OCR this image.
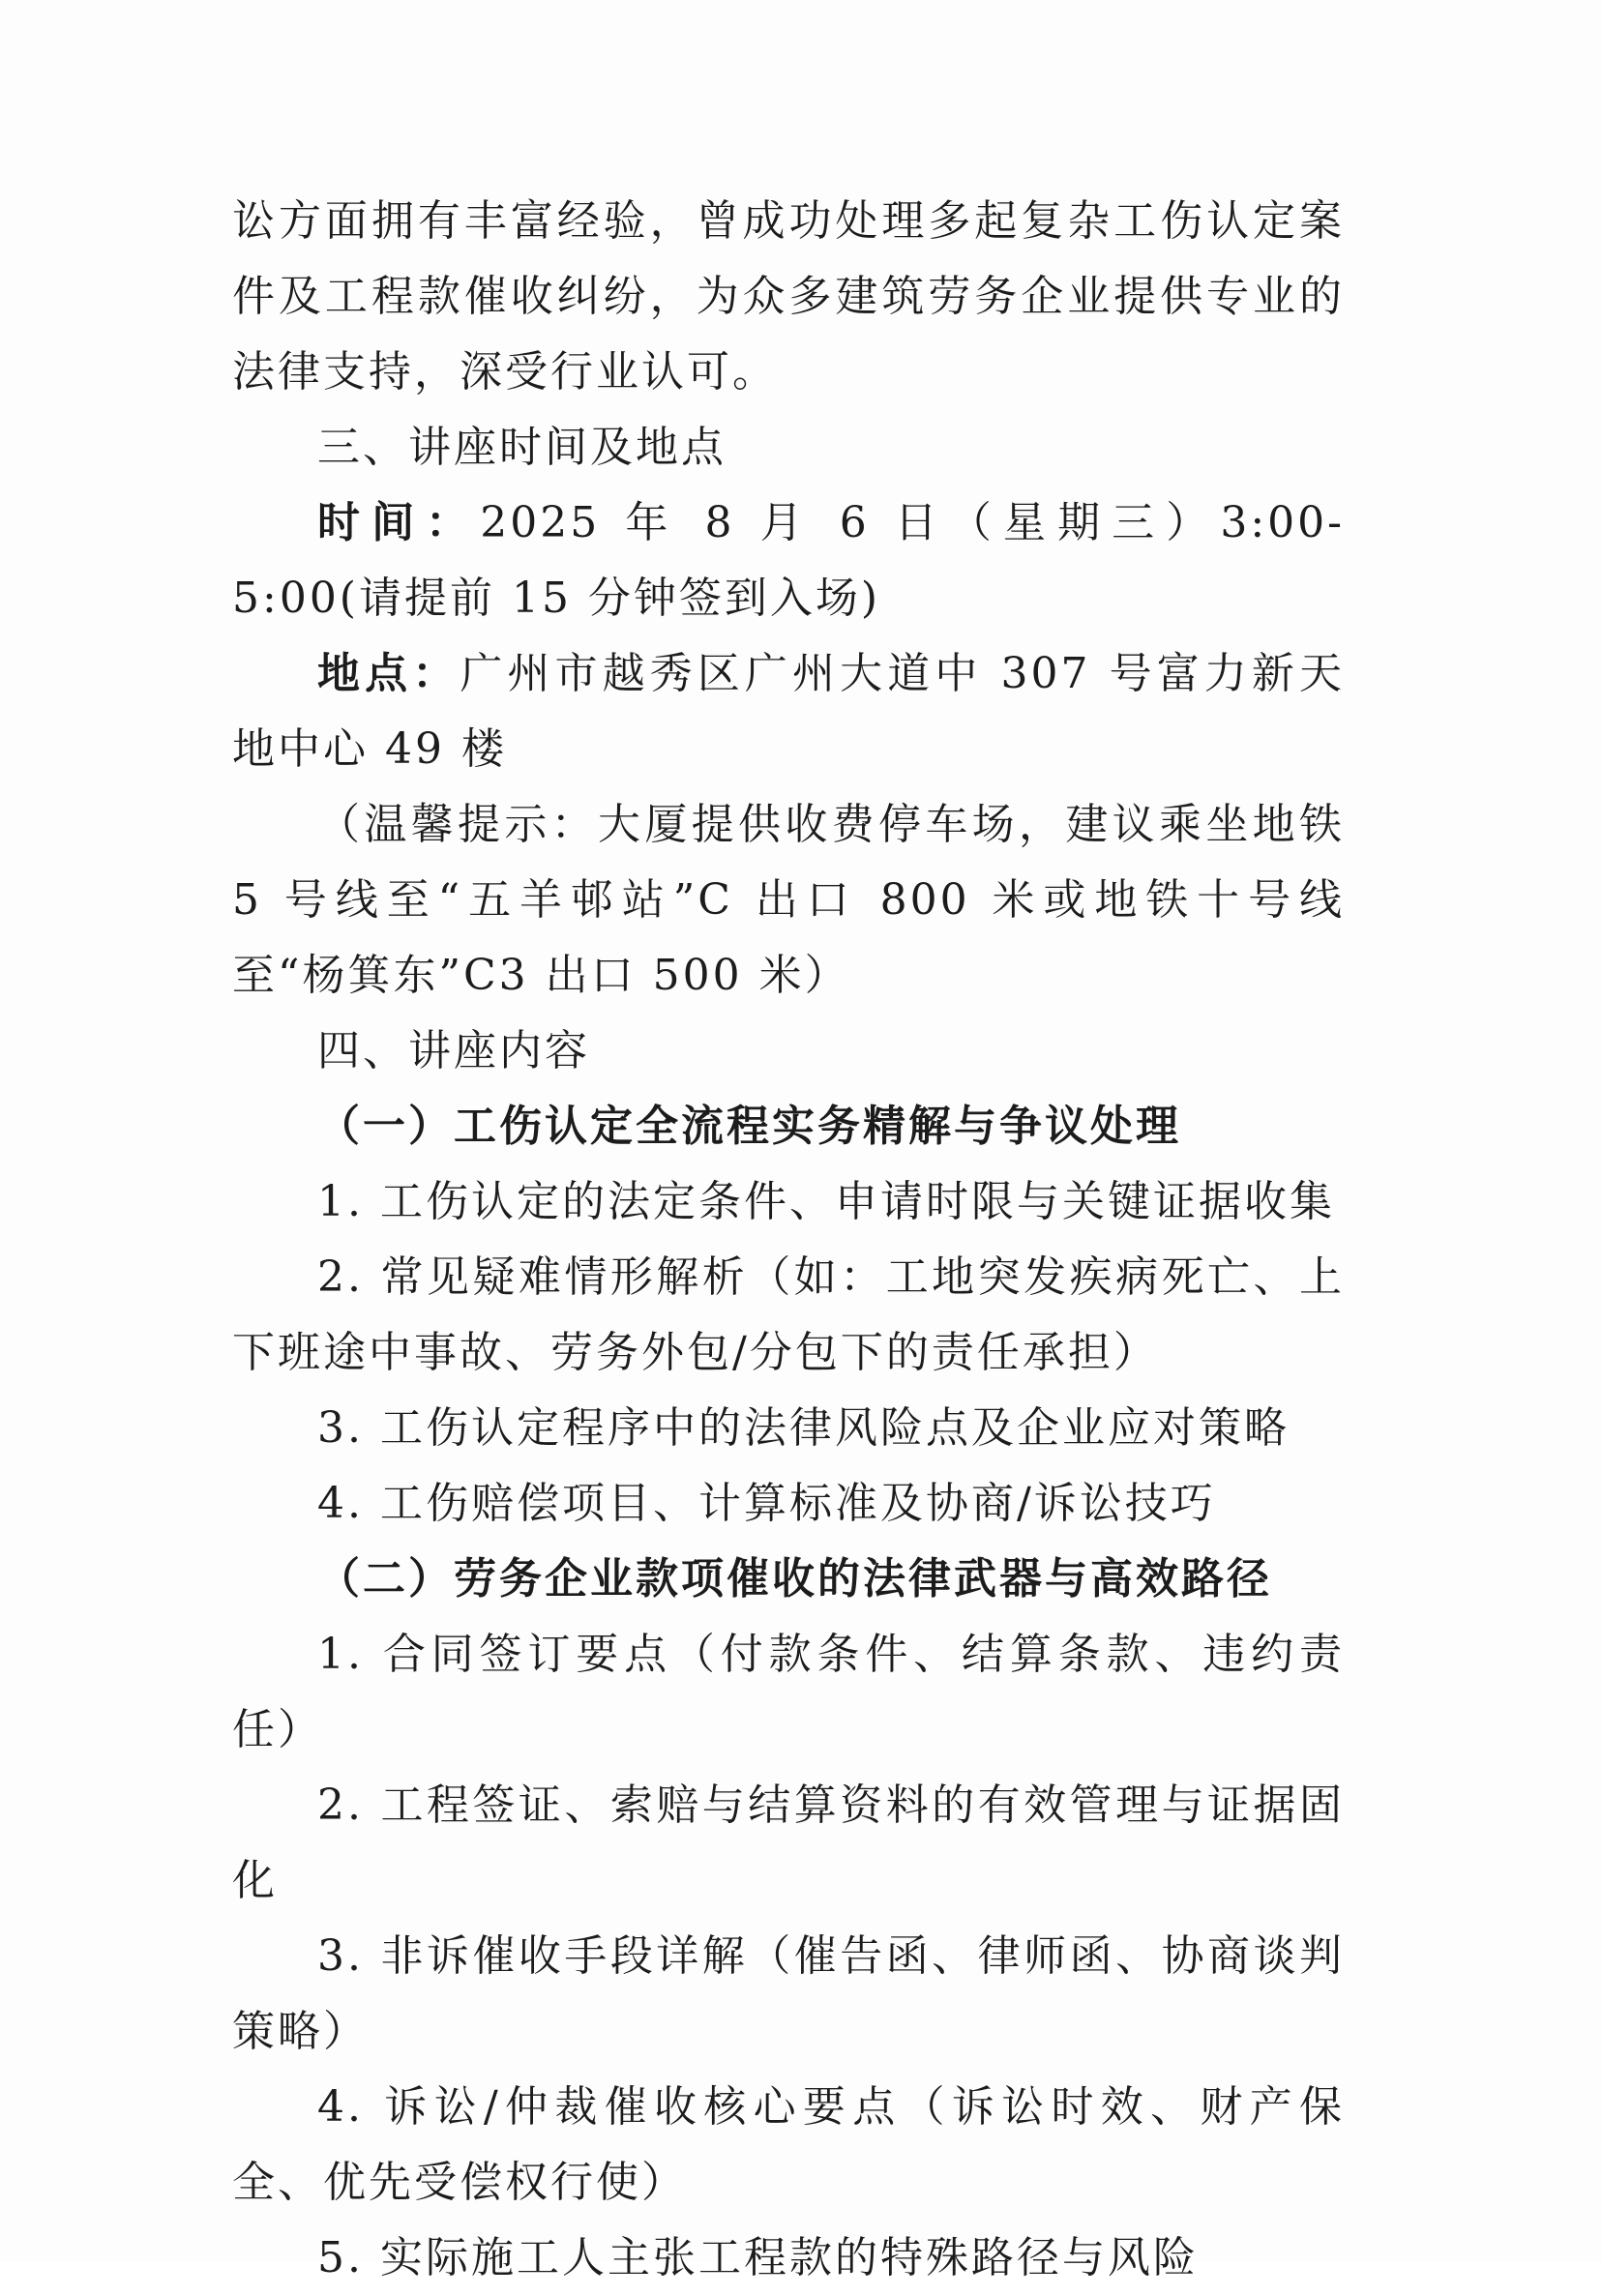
讼方面拥有丰富经验，曾成功处理多起复杂工伤认定案件及工程款催收纠纷，为众多建筑劳务企业提供专业的法律支持，深受行业认可。

三、讲座时间及地点

时间：2025 年 8 月 6 日（星期三）3:00-5:00(请提前 15 分钟签到入场)

地点：广州市越秀区广州大道中 307 号富力新天地中心 49 楼

（温馨提示：大厦提供收费停车场，建议乘坐地铁 5 号线至“五羊邨站”C 出口 800 米或地铁十号线至“杨箕东”C3 出口 500 米）

四、讲座内容

（一）工伤认定全流程实务精解与争议处理

1. 工伤认定的法定条件、申请时限与关键证据收集

2. 常见疑难情形解析（如：工地突发疾病死亡、上下班途中事故、劳务外包/分包下的责任承担）

3. 工伤认定程序中的法律风险点及企业应对策略

4. 工伤赔偿项目、计算标准及协商/诉讼技巧

（二）劳务企业款项催收的法律武器与高效路径

1. 合同签订要点（付款条件、结算条款、违约责任）

2. 工程签证、索赔与结算资料的有效管理与证据固化

3. 非诉催收手段详解（催告函、律师函、协商谈判策略）

4. 诉讼/仲裁催收核心要点（诉讼时效、财产保全、优先受偿权行使）

5. 实际施工人主张工程款的特殊路径与风险
